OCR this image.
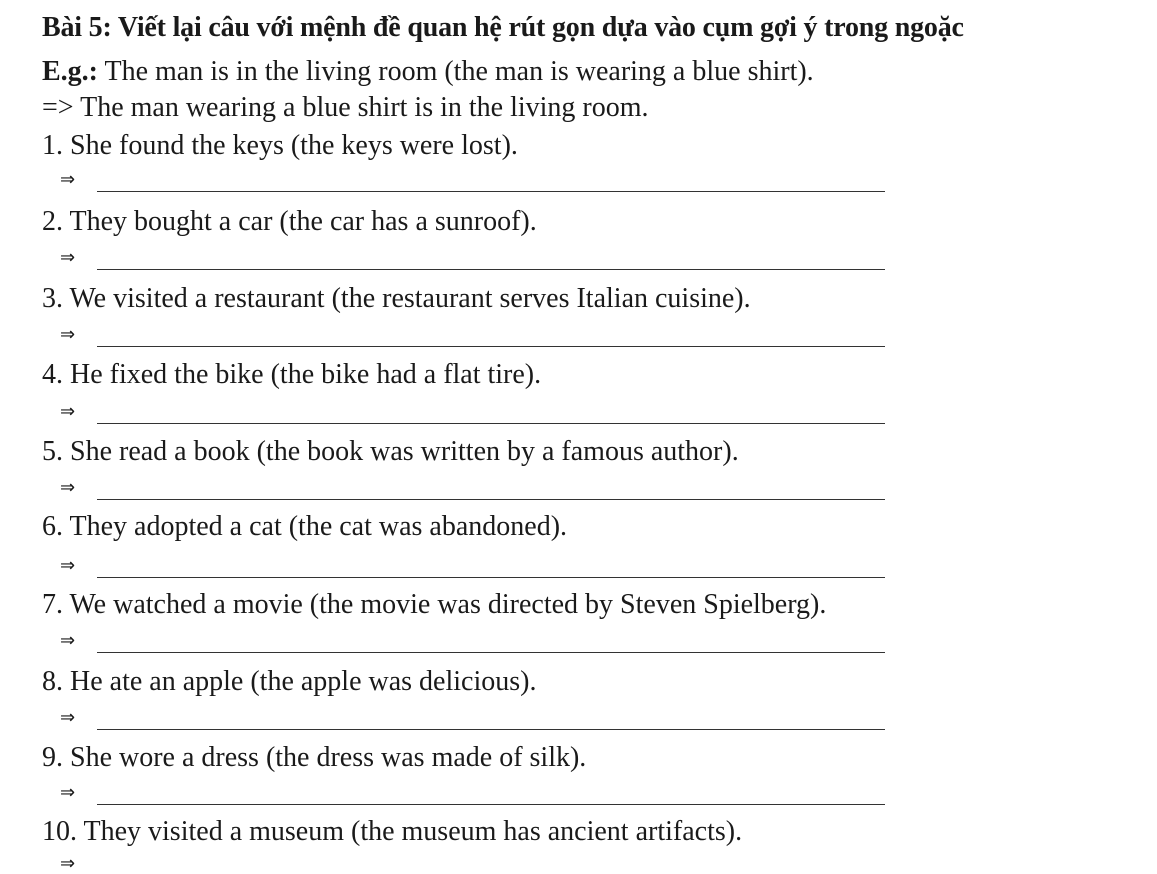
Bài 5: Viết lại câu với mệnh đề quan hệ rút gọn dựa vào cụm gợi ý trong ngoặc
E.g.: The man is in the living room (the man is wearing a blue shirt).
=> The man wearing a blue shirt is in the living room.
1. She found the keys (the keys were lost).
⇒
2. They bought a car (the car has a sunroof).
⇒
3. We visited a restaurant (the restaurant serves Italian cuisine).
⇒
4. He fixed the bike (the bike had a flat tire).
⇒
5. She read a book (the book was written by a famous author).
⇒
6. They adopted a cat (the cat was abandoned).
⇒
7. We watched a movie (the movie was directed by Steven Spielberg).
⇒
8. He ate an apple (the apple was delicious).
⇒
9. She wore a dress (the dress was made of silk).
⇒
10. They visited a museum (the museum has ancient artifacts).
⇒
